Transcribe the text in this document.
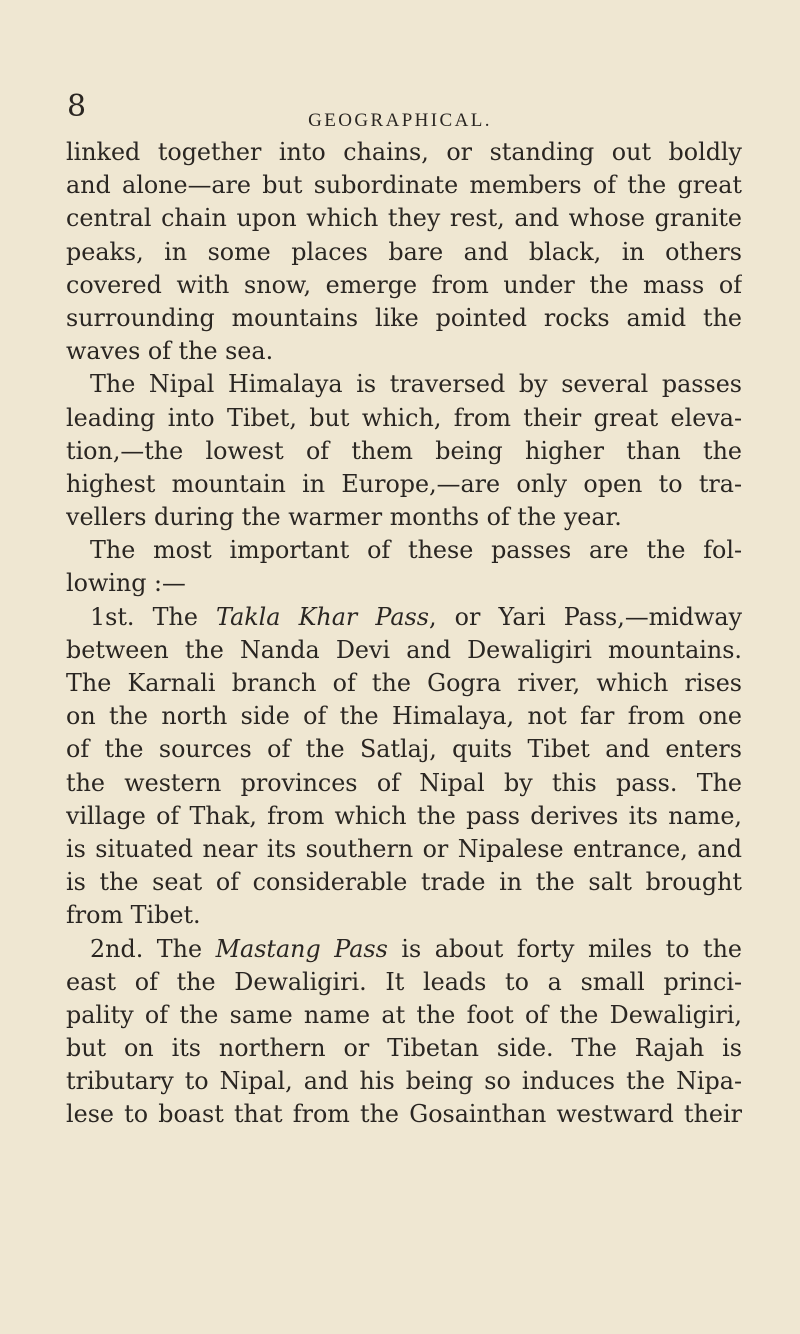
8	GEOGRAPHICAL.
linked together into chains, or standing out boldly
and alone—are but subordinate members of the great
central chain upon which they rest, and whose granite
peaks, in some places bare and black, in others
covered with snow, emerge from under the mass of
surrounding mountains like pointed rocks amid the
waves of the sea.
The Nipal Himalaya is traversed by several passes
leading into Tibet, but which, from their great eleva-
tion,—the lowest of them being higher than the
highest mountain in Europe,—are only open to tra-
vellers during the warmer months of the year.
The most important of these passes are the fol-
lowing :—
1st. The Takla Khar Pass, or Yari Pass,—midway
between the Nanda Devi and Dewaligiri mountains.
The Karnali branch of the Gogra river, which rises
on the north side of the Himalaya, not far from one
of the sources of the Satlaj, quits Tibet and enters
the western provinces of Nipal by this pass. The
village of Thak, from which the pass derives its name,
is situated near its southern or Nipalese entrance, and
is the seat of considerable trade in the salt brought
from Tibet.
2nd. The Mastang Pass is about forty miles to the
east of the Dewaligiri. It leads to a small princi-
pality of the same name at the foot of the Dewaligiri,
but on its northern or Tibetan side. The Rajah is
tributary to Nipal, and his being so induces the Nipa-
lese to boast that from the Gosainthan westward their
